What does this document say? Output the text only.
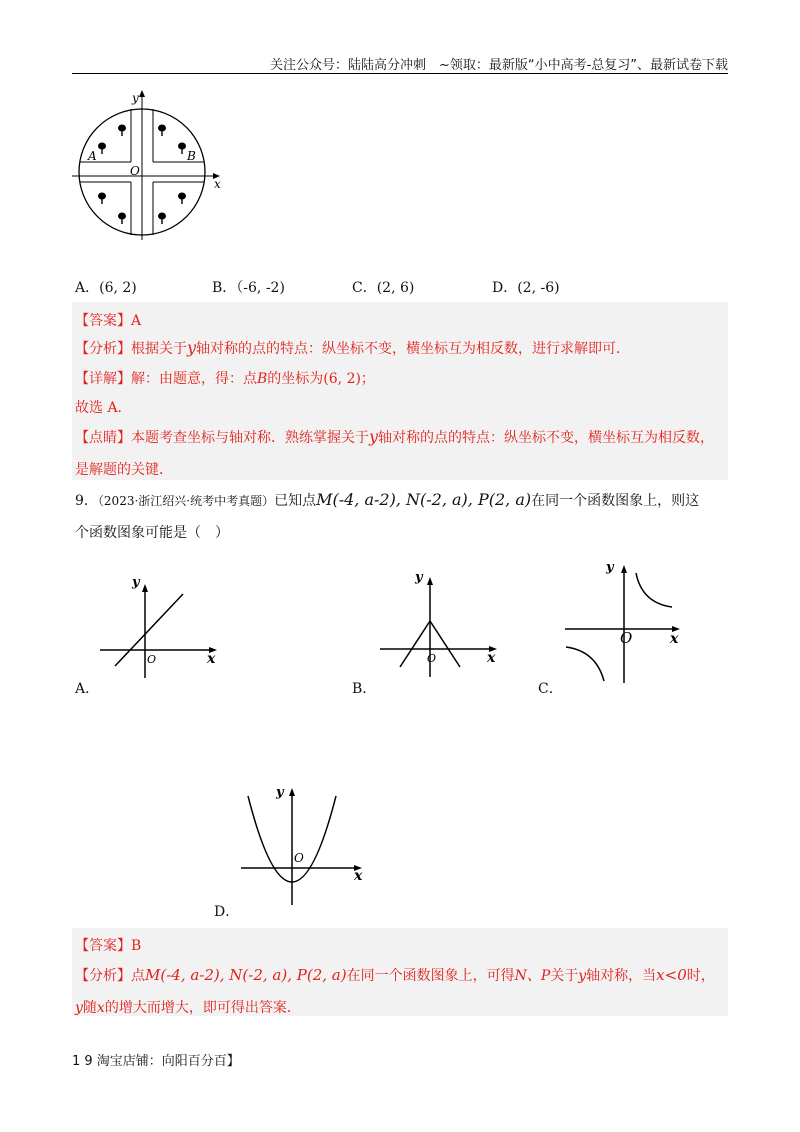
关注公众号：陆陆高分冲刺　~领取：最新版“小中高考-总复习”、最新试卷下载
y
x
O
A	B
A．(6, 2)	B．（-6, -2)	C．(2, 6)	D．(2, -6)
【答案】A
【分析】根据关于y轴对称的点的特点：纵坐标不变，横坐标互为相反数，进行求解即可．
【详解】解：由题意，得：点B的坐标为(6, 2)；
故选 A.
【点睛】本题考查坐标与轴对称．熟练掌握关于y轴对称的点的特点：纵坐标不变，横坐标互为相反数，
是解题的关键．
9．（2023·浙江绍兴·统考中考真题）已知点M(-4, a-2), N(-2, a), P(2, a)在同一个函数图象上，则这
个函数图象可能是（　）
y
x
O
A．
y
x
O
B．
y
x
O
C．
y
x
O
D．
【答案】B
【分析】点M(-4, a-2), N(-2, a), P(2, a)在同一个函数图象上，可得N、P关于y轴对称，当x<0时，
y随x的增大而增大，即可得出答案．
1 9 淘宝店铺：向阳百分百】
